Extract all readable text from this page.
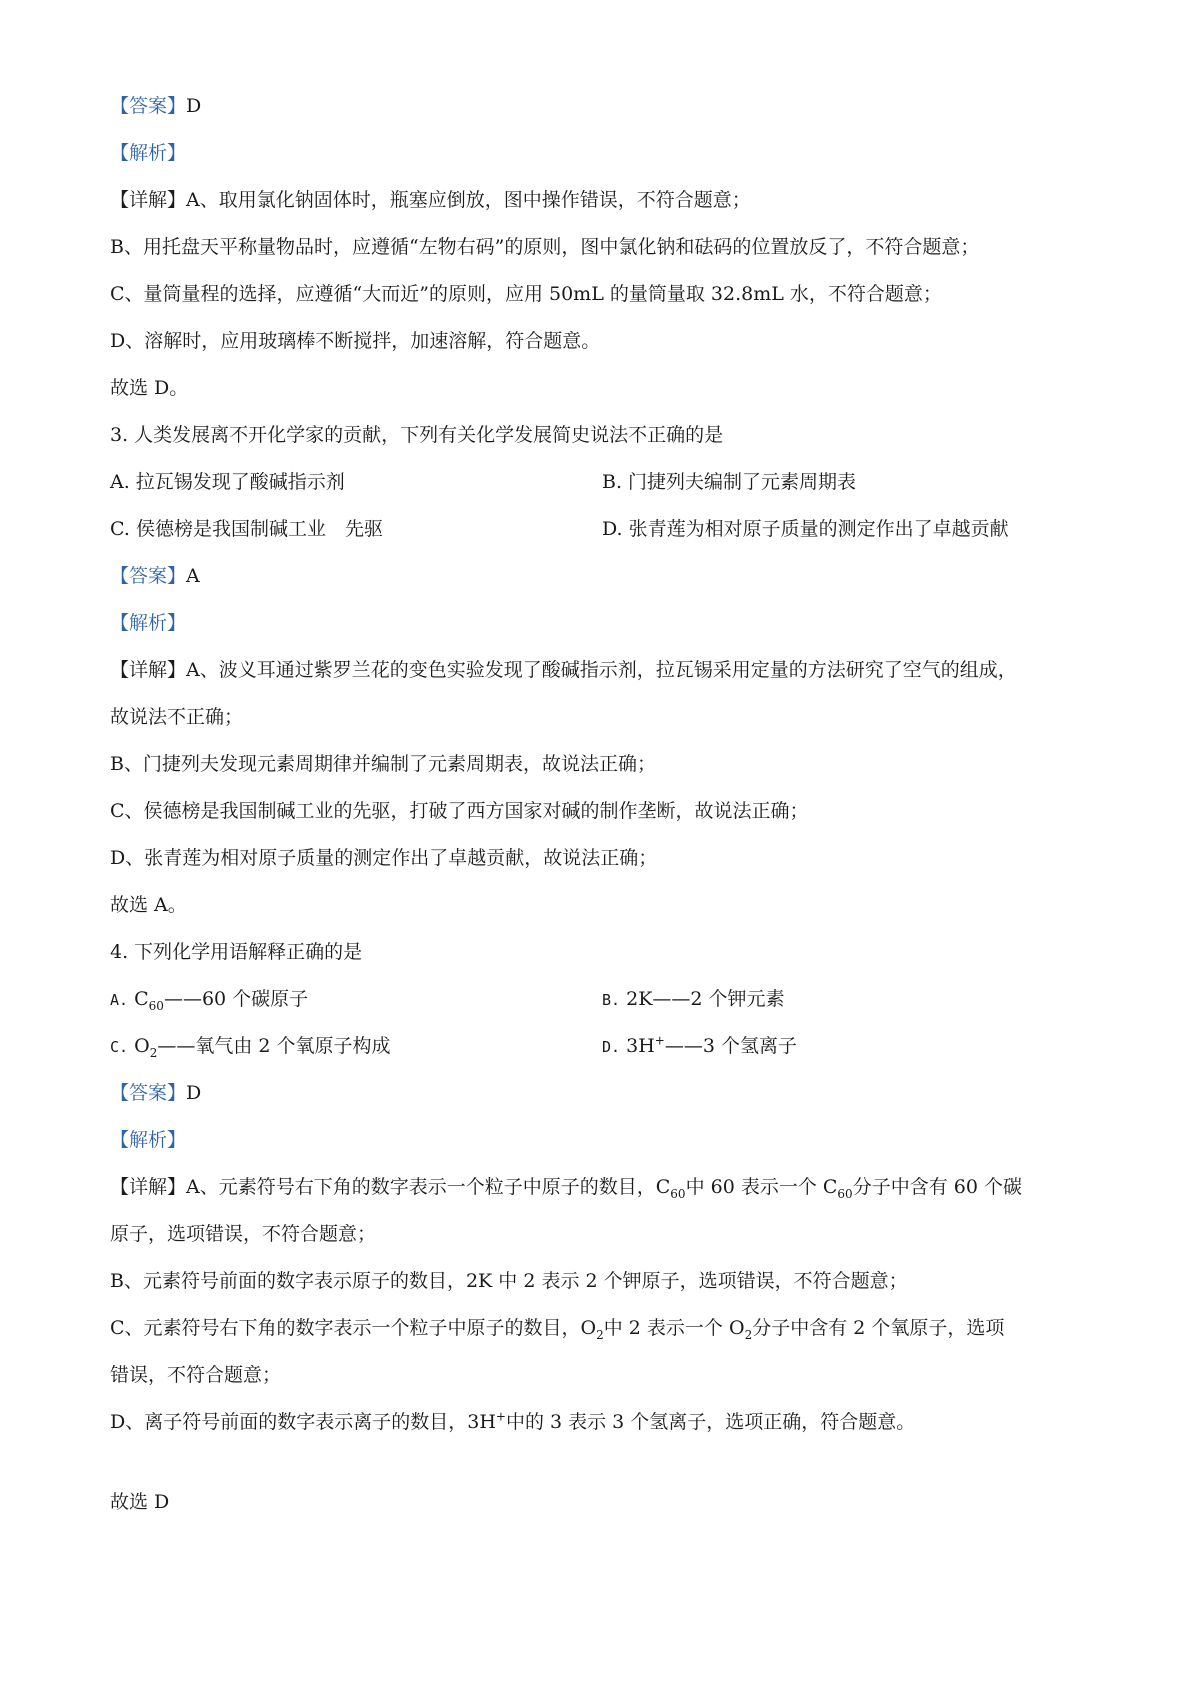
【答案】D
【解析】
【详解】A、取用氯化钠固体时，瓶塞应倒放，图中操作错误，不符合题意；
B、用托盘天平称量物品时，应遵循“左物右码”的原则，图中氯化钠和砝码的位置放反了，不符合题意；
C、量筒量程的选择，应遵循“大而近”的原则，应用 50mL 的量筒量取 32.8mL 水，不符合题意；
D、溶解时，应用玻璃棒不断搅拌，加速溶解，符合题意。
故选 D。
3. 人类发展离不开化学家的贡献，下列有关化学发展简史说法不正确的是
A. 拉瓦锡发现了酸碱指示剂	B. 门捷列夫编制了元素周期表
C. 侯德榜是我国制碱工业　先驱	D. 张青莲为相对原子质量的测定作出了卓越贡献
【答案】A
【解析】
【详解】A、波义耳通过紫罗兰花的变色实验发现了酸碱指示剂，拉瓦锡采用定量的方法研究了空气的组成，
故说法不正确；
B、门捷列夫发现元素周期律并编制了元素周期表，故说法正确；
C、侯德榜是我国制碱工业的先驱，打破了西方国家对碱的制作垄断，故说法正确；
D、张青莲为相对原子质量的测定作出了卓越贡献，故说法正确；
故选 A。
4. 下列化学用语解释正确的是
A. $C_{60}——60$ 个碳原子	B. 2K——2 个钾元素
C. $O_2——$氧气由 2 个氧原子构成	D. 3H+——3 个氢离子
【答案】D
【解析】
【详解】A、元素符号右下角的数字表示一个粒子中原子的数目，$C_{60}$中 60 表示一个 $C_{60}$分子中含有 60 个碳
原子，选项错误，不符合题意；
B、元素符号前面的数字表示原子的数目，2K 中 2 表示 2 个钾原子，选项错误，不符合题意；
C、元素符号右下角的数字表示一个粒子中原子的数目，$O_2$中 2 表示一个 $O_2$分子中含有 2 个氧原子，选项
错误，不符合题意；
D、离子符号前面的数字表示离子的数目，3H+中的 3 表示 3 个氢离子，选项正确，符合题意。
故选 D
